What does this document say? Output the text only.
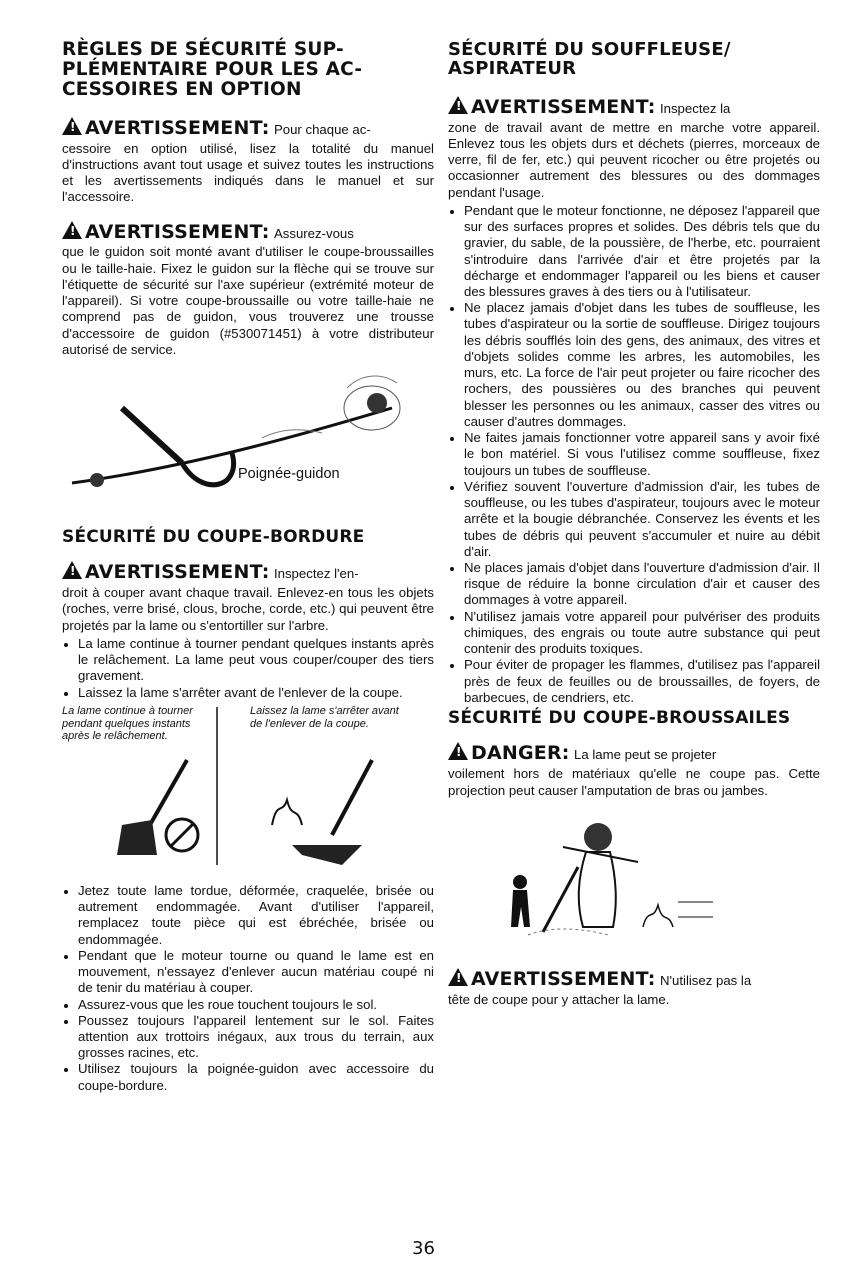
RÈGLES DE SÉCURITÉ SUP-PLÉMENTAIRE POUR LES AC-CESSOIRES EN OPTION
!AVERTISSEMENT: Pour chaque ac-

cessoire en option utilisé, lisez la totalité du manuel d'instructions avant tout usage et suivez toutes les instructions et les avertissements indiqués dans le manuel et sur l'accessoire.

!AVERTISSEMENT: Assurez-vous

que le guidon soit monté avant d'utiliser le coupe-broussailles ou le taille-haie. Fixez le guidon sur la flèche qui se trouve sur l'étiquette de sécurité sur l'axe supérieur (extrémité moteur de l'appareil). Si votre coupe-broussaille ou votre taille-haie ne comprend pas de guidon, vous trouverez une trousse d'accessoire de guidon (#530071451) à votre distributeur autorisé de service.

Poignée-guidon
SÉCURITÉ DU COUPE-BORDURE
!AVERTISSEMENT: Inspectez l'en-

droit à couper avant chaque travail. Enlevez-en tous les objets (roches, verre brisé, clous, broche, corde, etc.) qui peuvent être projetés par la lame ou s'entortiller sur l'arbre.

• La lame continue à tourner pendant quelques instants après le relâchement. La lame peut vous couper/couper des tiers gravement.
• Laissez la lame s'arrêter avant de l'enlever de la coupe.
La lame continue à tourner pendant quelques instants après le relâchement.
Laissez la lame s'arrêter avant de l'enlever de la coupe.
• Jetez toute lame tordue, déformée, craquelée, brisée ou autrement endommagée. Avant d'utiliser l'appareil, remplacez toute pièce qui est ébréchée, brisée ou endommagée.
• Pendant que le moteur tourne ou quand le lame est en mouvement, n'essayez d'enlever aucun matériau coupé ni de tenir du matériau à couper.
• Assurez-vous que les roue touchent toujours le sol.
• Poussez toujours l'appareil lentement sur le sol. Faites attention aux trottoirs inégaux, aux trous du terrain, aux grosses racines, etc.
• Utilisez toujours la poignée-guidon avec accessoire du coupe-bordure.
SÉCURITÉ DU SOUFFLEUSE/ ASPIRATEUR
!AVERTISSEMENT: Inspectez la

zone de travail avant de mettre en marche votre appareil. Enlevez tous les objets durs et déchets (pierres, morceaux de verre, fil de fer, etc.) qui peuvent ricocher ou être projetés ou occasionner autrement des blessures ou des dommages pendant l'usage.

• Pendant que le moteur fonctionne, ne déposez l'appareil que sur des surfaces propres et solides. Des débris tels que du gravier, du sable, de la poussière, de l'herbe, etc. pourraient s'introduire dans l'arrivée d'air et être projetés par la décharge et endommager l'appareil ou les biens et causer des blessures graves à des tiers ou à l'utilisateur.
• Ne placez jamais d'objet dans les tubes de souffleuse, les tubes d'aspirateur ou la sortie de souffleuse. Dirigez toujours les débris soufflés loin des gens, des animaux, des vitres et d'objets solides comme les arbres, les automobiles, les murs, etc. La force de l'air peut projeter ou faire ricocher des rochers, des poussières ou des branches qui peuvent blesser les personnes ou les animaux, casser des vitres ou causer d'autres dommages.
• Ne faites jamais fonctionner votre appareil sans y avoir fixé le bon matériel. Si vous l'utilisez comme souffleuse, fixez toujours un tubes de souffleuse.
• Vérifiez souvent l'ouverture d'admission d'air, les tubes de souffleuse, ou les tubes d'aspirateur, toujours avec le moteur arrête et la bougie débranchée. Conservez les évents et les tubes de débris qui peuvent s'accumuler et nuire au débit d'air.
• Ne places jamais d'objet dans l'ouverture d'admission d'air. Il risque de réduire la bonne circulation d'air et causer des dommages à votre appareil.
• N'utilisez jamais votre appareil pour pulvériser des produits chimiques, des engrais ou toute autre substance qui peut contenir des produits toxiques.
• Pour éviter de propager les flammes, d'utilisez pas l'appareil près de feux de feuilles ou de broussailles, de foyers, de barbecues, de cendriers, etc.
SÉCURITÉ DU COUPE-BROUSSAILES
!DANGER: La lame peut se projeter

voilement hors de matériaux qu'elle ne coupe pas. Cette projection peut causer l'amputation de bras ou jambes.

!AVERTISSEMENT: N'utilisez pas la

tête de coupe pour y attacher la lame.

36
